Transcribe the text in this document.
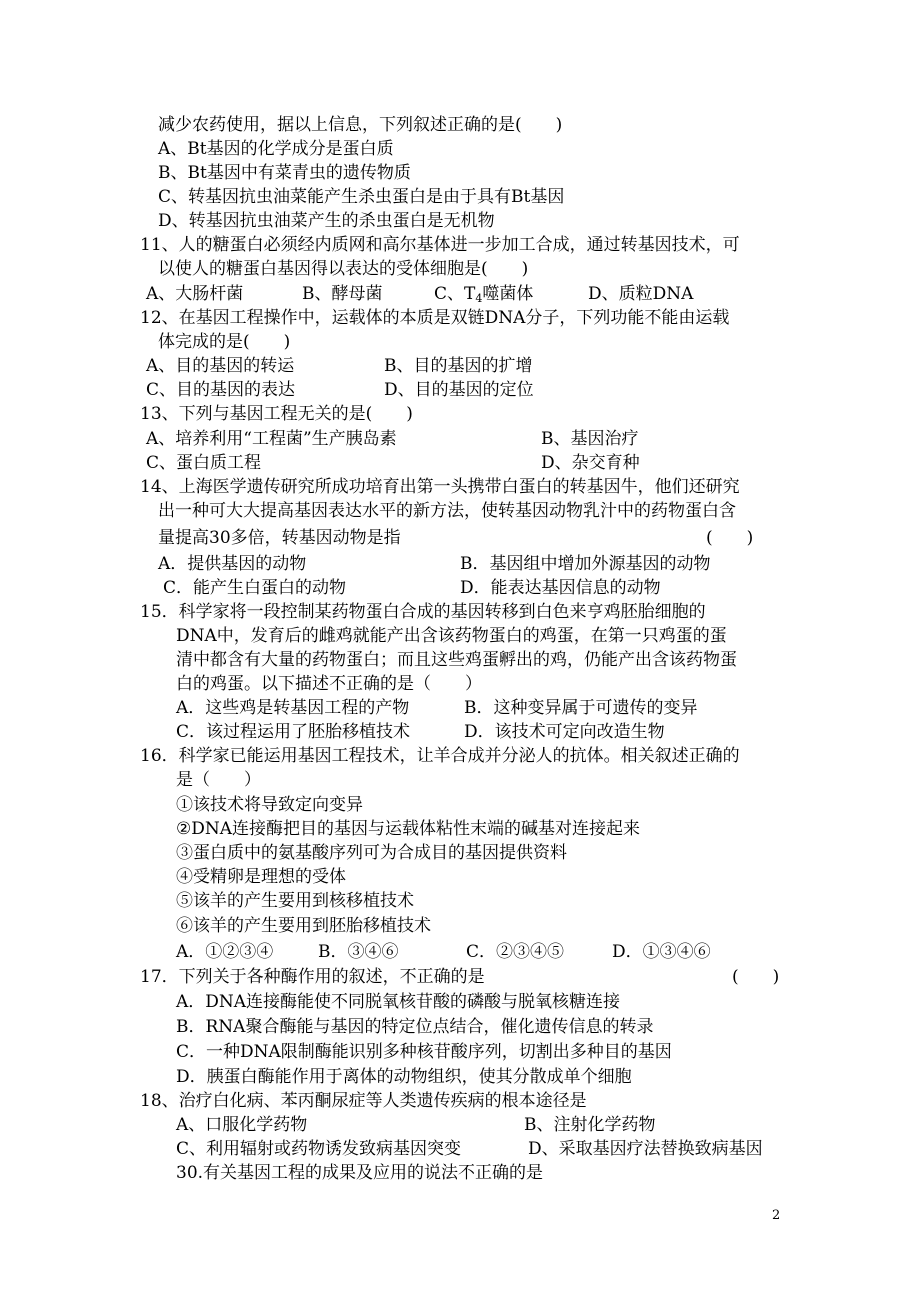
减少农药使用，据以上信息，下列叙述正确的是(　　)
A、Bt基因的化学成分是蛋白质
B、Bt基因中有菜青虫的遗传物质
C、转基因抗虫油菜能产生杀虫蛋白是由于具有Bt基因
D、转基因抗虫油菜产生的杀虫蛋白是无机物
11、人的糖蛋白必须经内质网和高尔基体进一步加工合成，通过转基因技术，可
以使人的糖蛋白基因得以表达的受体细胞是(　　)
A、大肠杆菌	B、酵母菌	C、$T_4$噬菌体	D、质粒DNA
12、在基因工程操作中，运载体的本质是双链DNA分子，下列功能不能由运载
体完成的是(　　)
A、目的基因的转运	B、目的基因的扩增
C、目的基因的表达	D、目的基因的定位
13、下列与基因工程无关的是(　　)
A、培养利用“工程菌”生产胰岛素	B、基因治疗
C、蛋白质工程	D、杂交育种
14、上海医学遗传研究所成功培育出第一头携带白蛋白的转基因牛，他们还研究
出一种可大大提高基因表达水平的新方法，使转基因动物乳汁中的药物蛋白含
量提高30多倍，转基因动物是指	(　　)
A．提供基因的动物	B．基因组中增加外源基因的动物
C．能产生白蛋白的动物	D．能表达基因信息的动物
15．科学家将一段控制某药物蛋白合成的基因转移到白色来亨鸡胚胎细胞的
DNA中，发育后的雌鸡就能产出含该药物蛋白的鸡蛋，在第一只鸡蛋的蛋
清中都含有大量的药物蛋白；而且这些鸡蛋孵出的鸡，仍能产出含该药物蛋
白的鸡蛋。以下描述不正确的是（　　）
A．这些鸡是转基因工程的产物	B．这种变异属于可遗传的变异
C．该过程运用了胚胎移植技术	D．该技术可定向改造生物
16．科学家已能运用基因工程技术，让羊合成并分泌人的抗体。相关叙述正确的
是（　　）
①该技术将导致定向变异
②DNA连接酶把目的基因与运载体粘性末端的碱基对连接起来
③蛋白质中的氨基酸序列可为合成目的基因提供资料
④受精卵是理想的受体
⑤该羊的产生要用到核移植技术
⑥该羊的产生要用到胚胎移植技术
A．①②③④	B．③④⑥	C．②③④⑤	D．①③④⑥
17．下列关于各种酶作用的叙述，不正确的是	(　　)
A．DNA连接酶能使不同脱氧核苷酸的磷酸与脱氧核糖连接
B．RNA聚合酶能与基因的特定位点结合，催化遗传信息的转录
C．一种DNA限制酶能识别多种核苷酸序列，切割出多种目的基因
D．胰蛋白酶能作用于离体的动物组织，使其分散成单个细胞
18、治疗白化病、苯丙酮尿症等人类遗传疾病的根本途径是
A、口服化学药物	B、注射化学药物
C、利用辐射或药物诱发致病基因突变	D、采取基因疗法替换致病基因
30.有关基因工程的成果及应用的说法不正确的是
2
